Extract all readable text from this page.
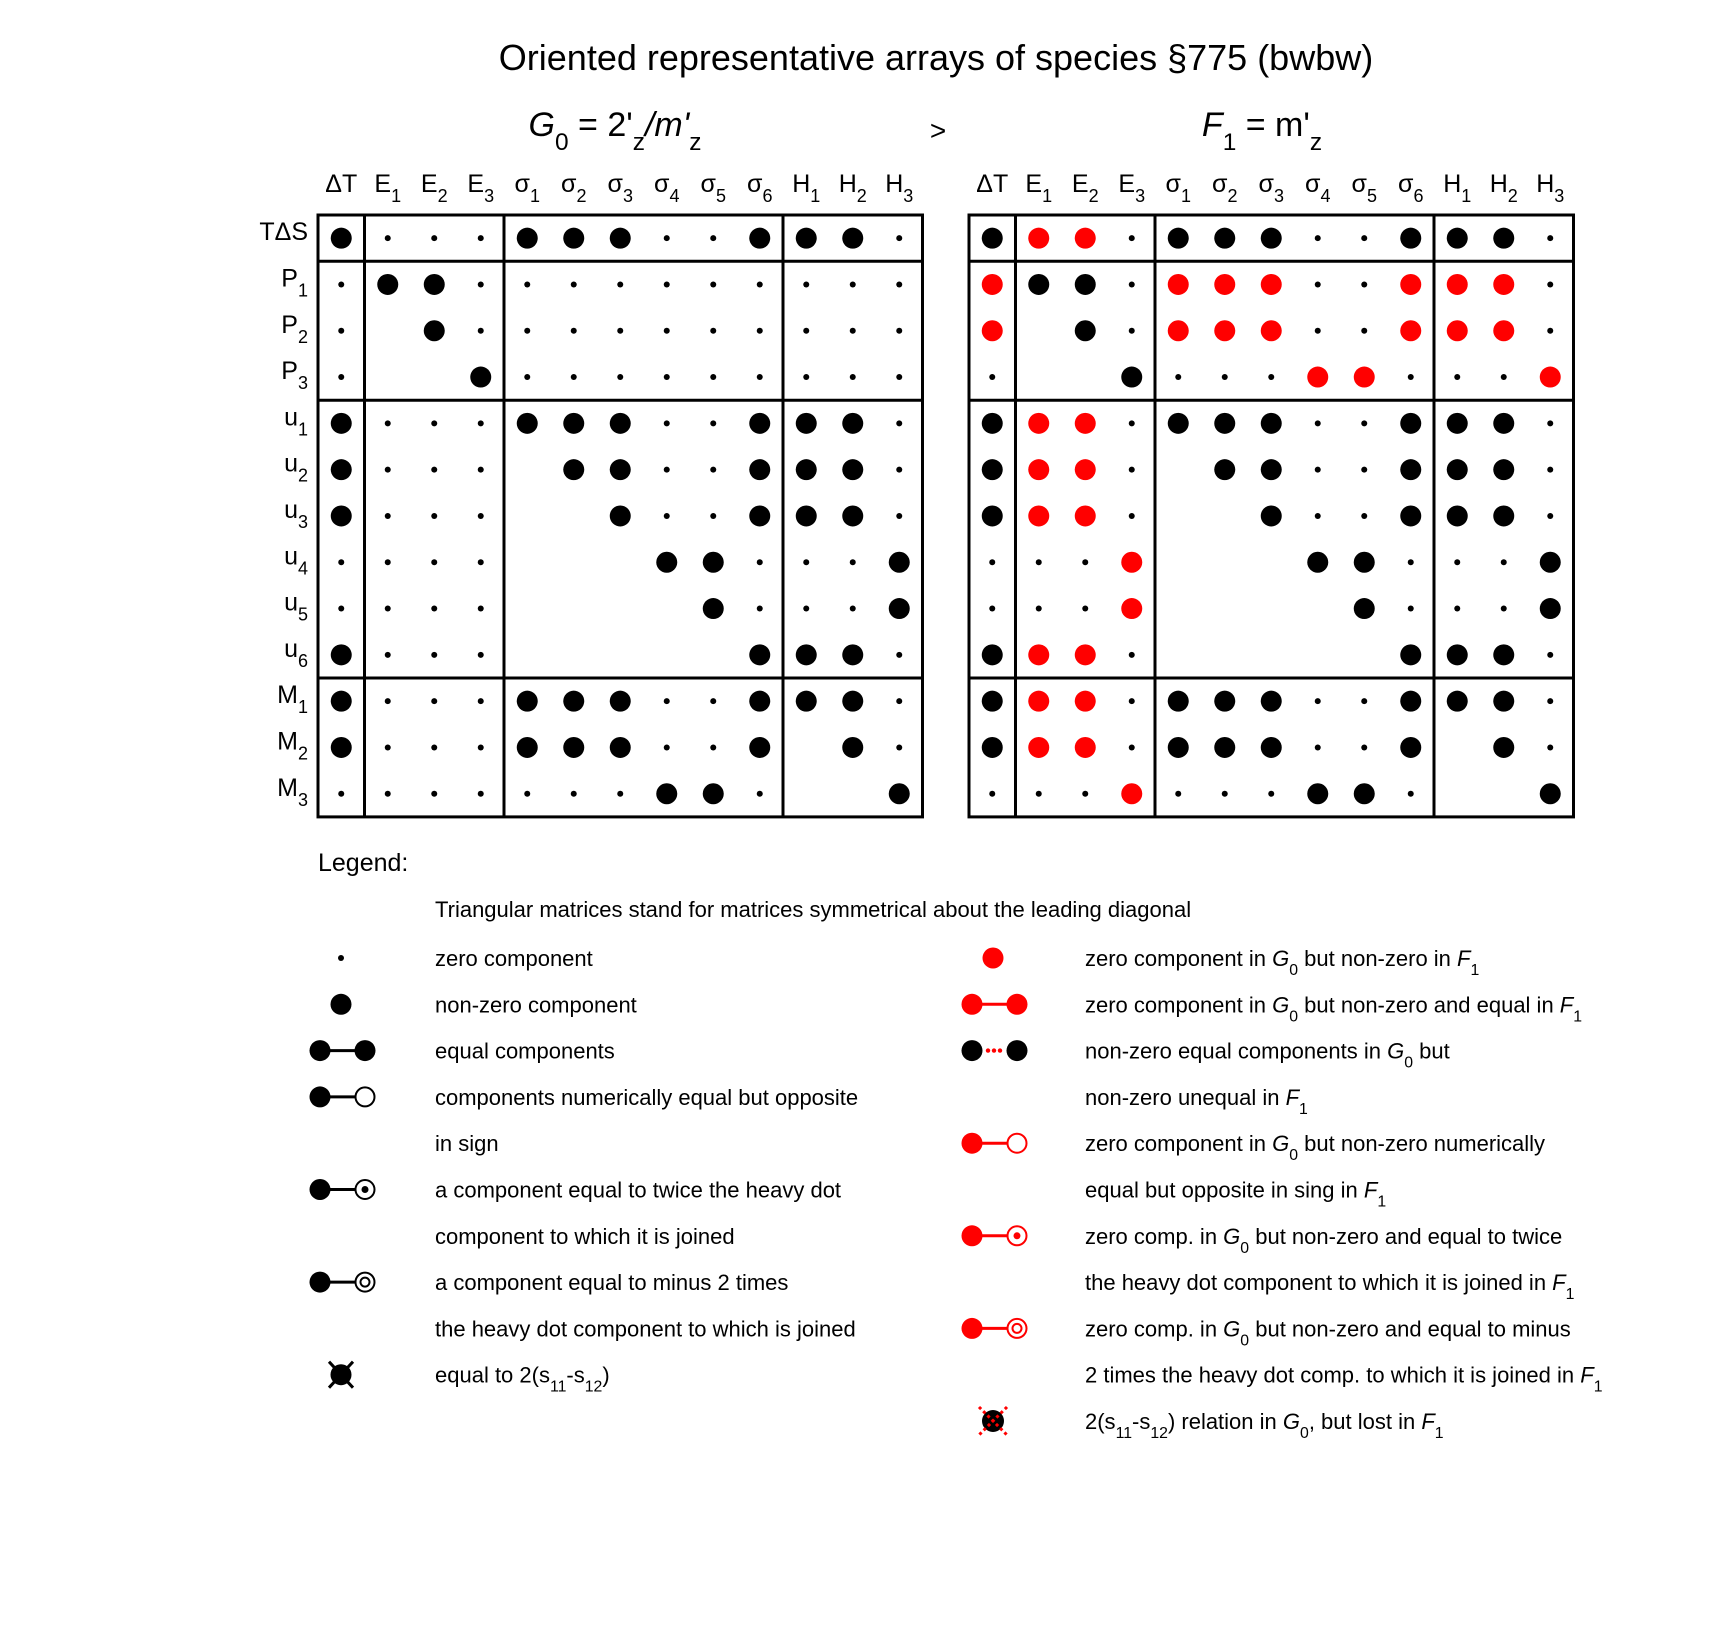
Oriented representative arrays of species §775 (bwbw)
>
$G_0 = 2'_z/m'_z$
ΔT $E_1$ $E_2$ $E_3$ $\sigma_1$ $\sigma_2$ $\sigma_3$ $\sigma_4$ $\sigma_5$ $\sigma_6$ $H_1$ $H_2$ $H_3$
TΔS
$P_1$
$P_2$
$P_3$
$u_1$
$u_2$
$u_3$
$u_4$
$u_5$
$u_6$
$M_1$
$M_2$
$M_3$
$F_1 = m'_z$
ΔT $E_1$ $E_2$ $E_3$ $\sigma_1$ $\sigma_2$ $\sigma_3$ $\sigma_4$ $\sigma_5$ $\sigma_6$ $H_1$ $H_2$ $H_3$
Legend:
Triangular matrices stand for matrices symmetrical about the leading diagonal
zero component
non-zero component
equal components
components numerically equal but opposite
in sign
a component equal to twice the heavy dot
component to which it is joined
a component equal to minus 2 times
the heavy dot component to which is joined
equal to $2(s_{11}-s_{12})$
zero component in $G_0$ but non-zero in $F_1$
zero component in $G_0$ but non-zero and equal in $F_1$
non-zero equal components in $G_0$ but
non-zero unequal in $F_1$
zero component in $G_0$ but non-zero numerically
equal but opposite in sing in $F_1$
zero comp. in $G_0$ but non-zero and equal to twice
the heavy dot component to which it is joined in $F_1$
zero comp. in $G_0$ but non-zero and equal to minus
2 times the heavy dot comp. to which it is joined in $F_1$
$2(s_{11}-s_{12})$ relation in $G_0$, but lost in $F_1$
